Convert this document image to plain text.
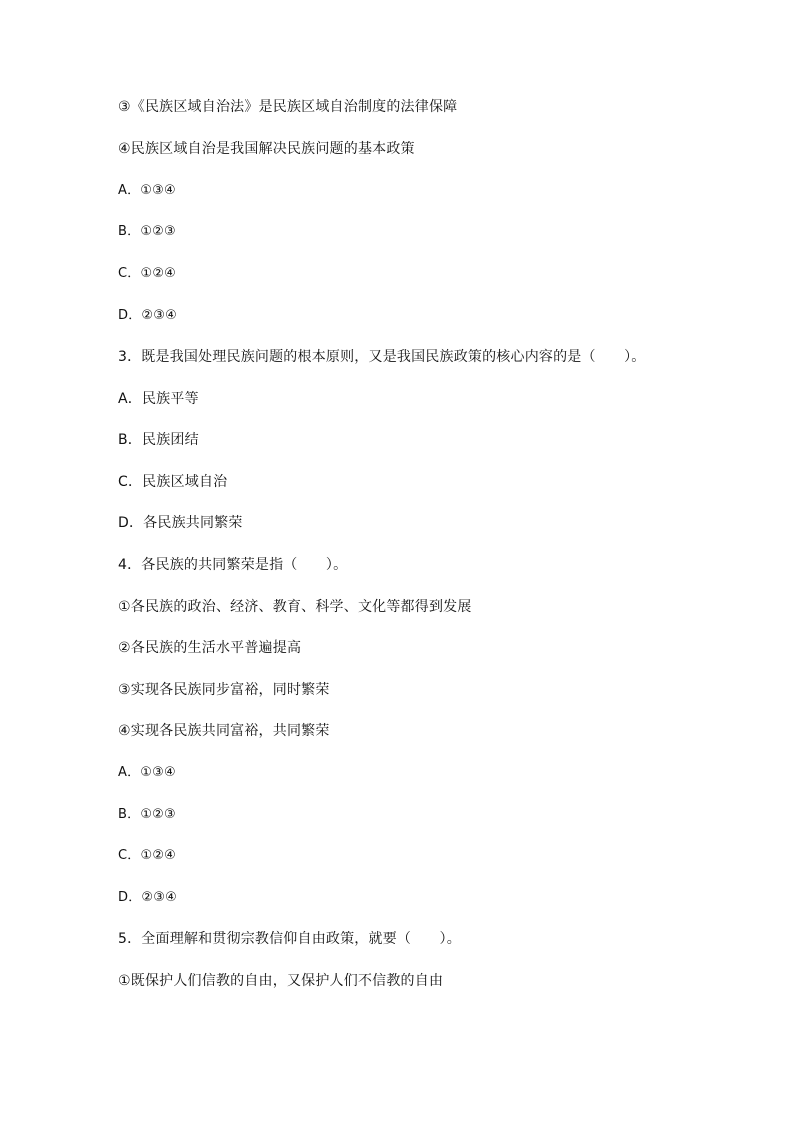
③《民族区域自治法》是民族区域自治制度的法律保障
④民族区域自治是我国解决民族问题的基本政策
A．①③④
B．①②③
C．①②④
D．②③④
3．既是我国处理民族问题的根本原则，又是我国民族政策的核心内容的是（　　）。
A．民族平等
B．民族团结
C．民族区域自治
D．各民族共同繁荣
4．各民族的共同繁荣是指（　　）。
①各民族的政治、经济、教育、科学、文化等都得到发展
②各民族的生活水平普遍提高
③实现各民族同步富裕，同时繁荣
④实现各民族共同富裕，共同繁荣
A．①③④
B．①②③
C．①②④
D．②③④
5．全面理解和贯彻宗教信仰自由政策，就要（　　）。
①既保护人们信教的自由，又保护人们不信教的自由
